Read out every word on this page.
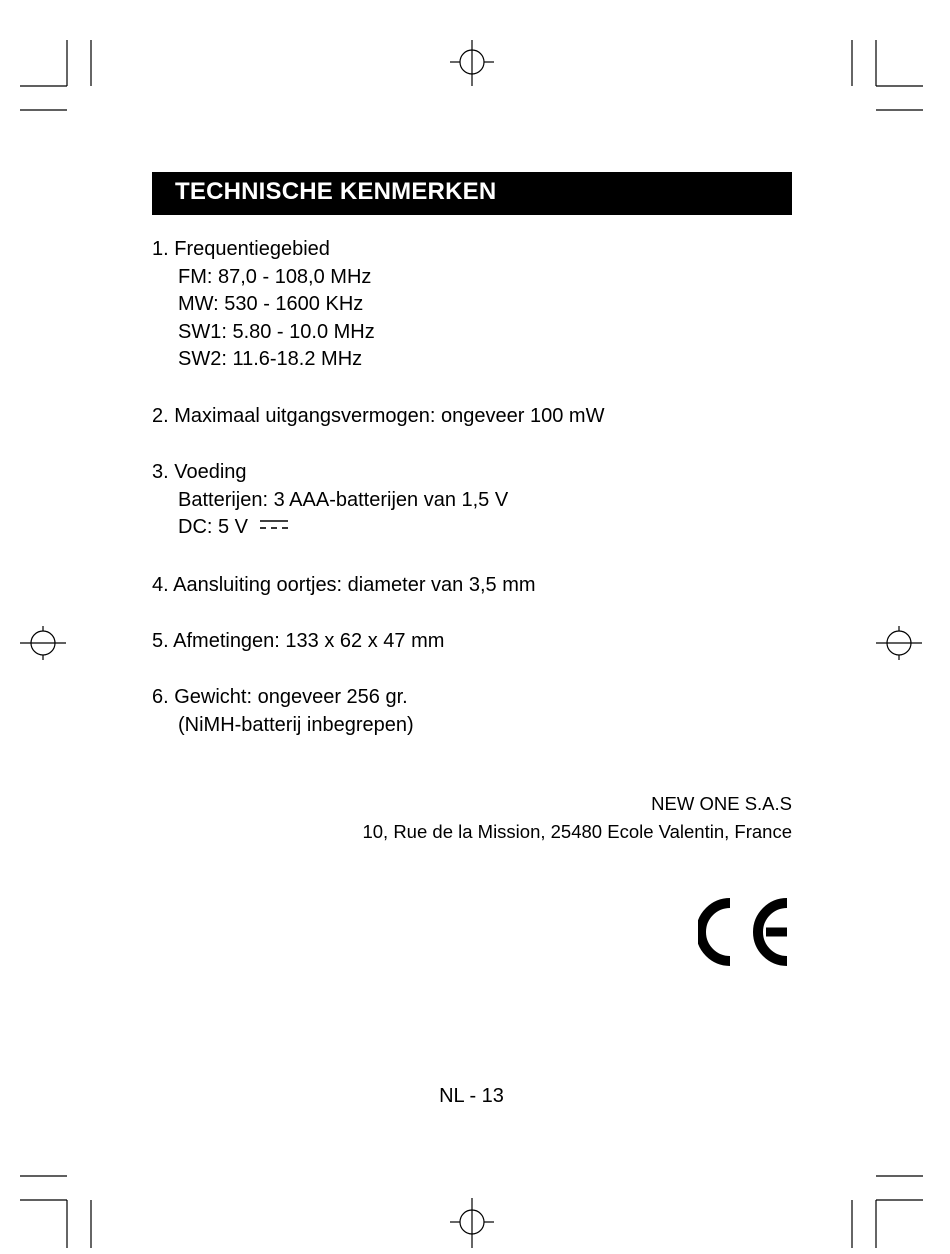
TECHNISCHE KENMERKEN
1. Frequentiegebied
FM: 87,0 - 108,0 MHz
MW: 530 - 1600 KHz
SW1: 5.80 - 10.0 MHz
SW2: 11.6-18.2 MHz
2. Maximaal uitgangsvermogen: ongeveer 100 mW
3. Voeding
Batterijen: 3 AAA-batterijen van 1,5 V
DC: 5 V
4. Aansluiting oortjes: diameter van 3,5 mm
5. Afmetingen: 133 x 62 x 47 mm
6. Gewicht: ongeveer 256 gr.
(NiMH-batterij inbegrepen)
NEW ONE S.A.S
10, Rue de la Mission, 25480 Ecole Valentin, France
NL - 13
